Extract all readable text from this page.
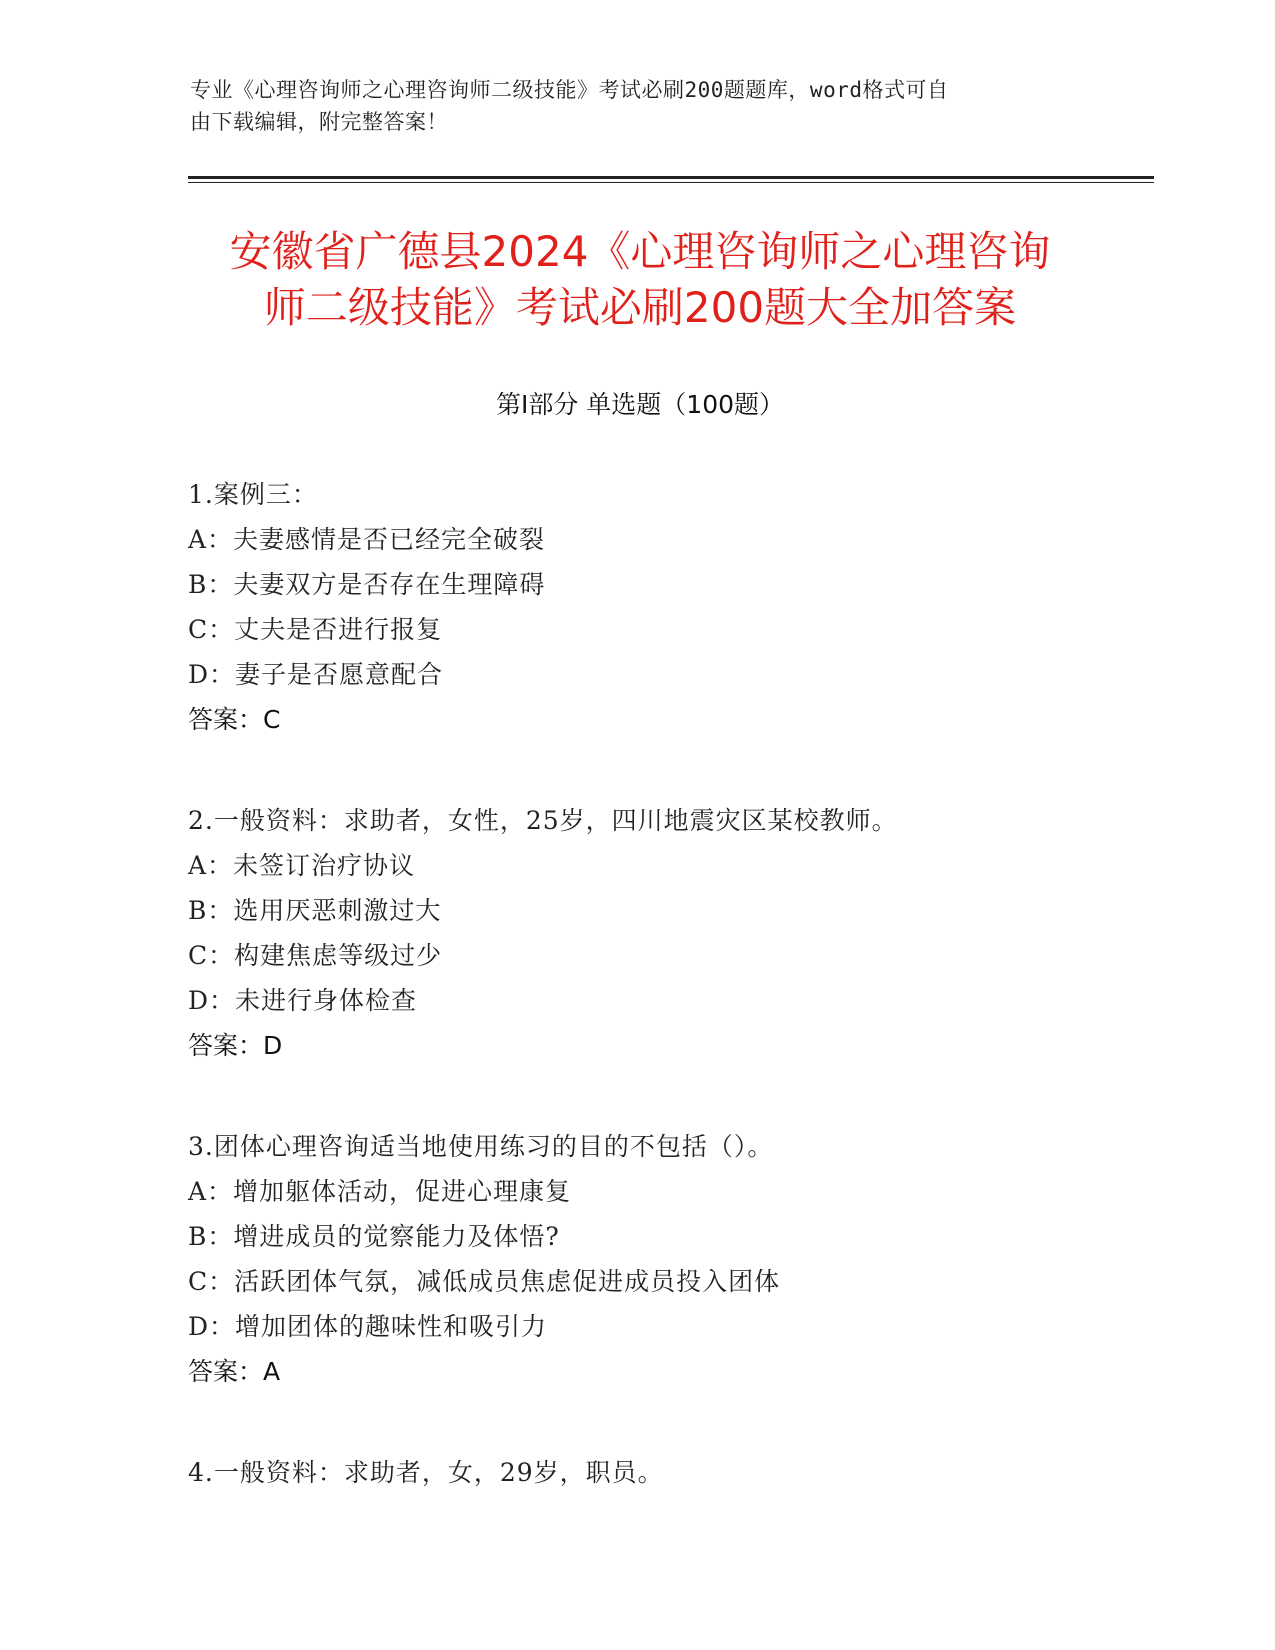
专业《心理咨询师之心理咨询师二级技能》考试必刷200题题库，word格式可自
由下载编辑，附完整答案！
安徽省广德县2024《心理咨询师之心理咨询
师二级技能》考试必刷200题大全加答案
第Ⅰ部分 单选题（100题）
1.案例三：
A：夫妻感情是否已经完全破裂
B：夫妻双方是否存在生理障碍
C：丈夫是否进行报复
D：妻子是否愿意配合
答案：C
2.一般资料：求助者，女性，25岁，四川地震灾区某校教师。
A：未签订治疗协议
B：选用厌恶刺激过大
C：构建焦虑等级过少
D：未进行身体检查
答案：D
3.团体心理咨询适当地使用练习的目的不包括（）。
A：增加躯体活动，促进心理康复
B：增进成员的觉察能力及体悟?
C：活跃团体气氛，减低成员焦虑促进成员投入团体
D：增加团体的趣味性和吸引力
答案：A
4.一般资料：求助者，女，29岁，职员。
